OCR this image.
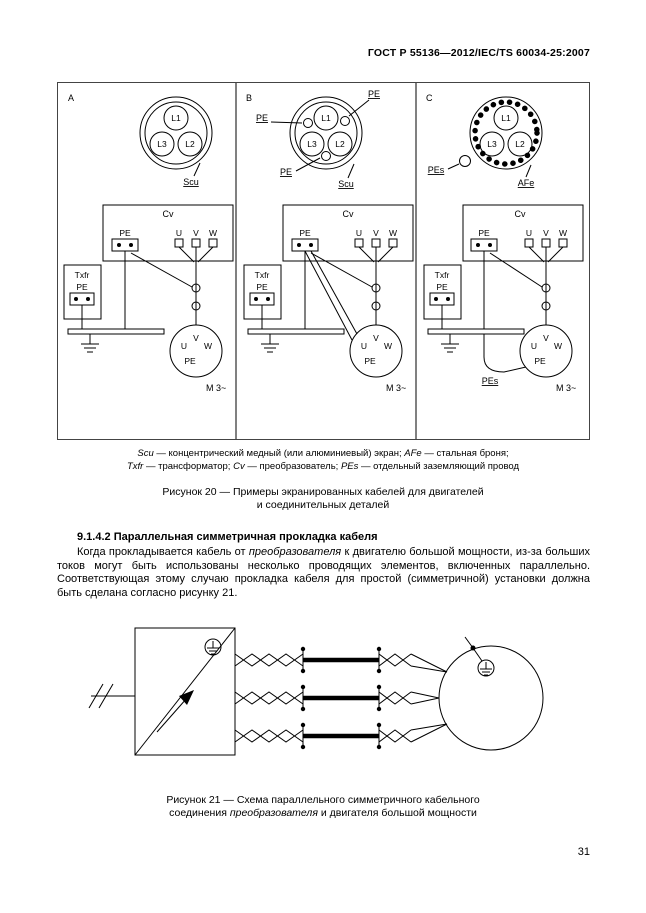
ГОСТ Р 55136—2012/IEC/TS 60034-25:2007
A
L1
L3 L2
Scu
Cv
PE	U V W
Txfr
PE
U
V
W
PE
М 3~
B
L1
L3 L2
PE
PE
PE
Scu
Cv
PE	U V W
Txfr
PE
U
V
W
PE
М 3~
C
L1
L3 L2
AFe
PEs
Cv
PE	U V W
Txfr
PE
PEs
U
V
W
PE
М 3~
Scu — концентрический медный (или алюминиевый) экран; AFe — стальная броня;
Txfr — трансформатор; Cv — преобразователь; PEs — отдельный заземляющий провод
Рисунок 20 — Примеры экранированных кабелей для двигателей
и соединительных деталей
9.1.4.2 Параллельная симметричная прокладка кабеля
Когда прокладывается кабель от преобразователя к двигателю большой мощности, из-за больших токов могут быть использованы несколько проводящих элементов, включенных параллельно. Соответствующая этому случаю прокладка кабеля для простой (симметричной) установки должна быть сделана согласно рисунку 21.
Рисунок 21 — Схема параллельного симметричного кабельного
соединения преобразователя и двигателя большой мощности
31
